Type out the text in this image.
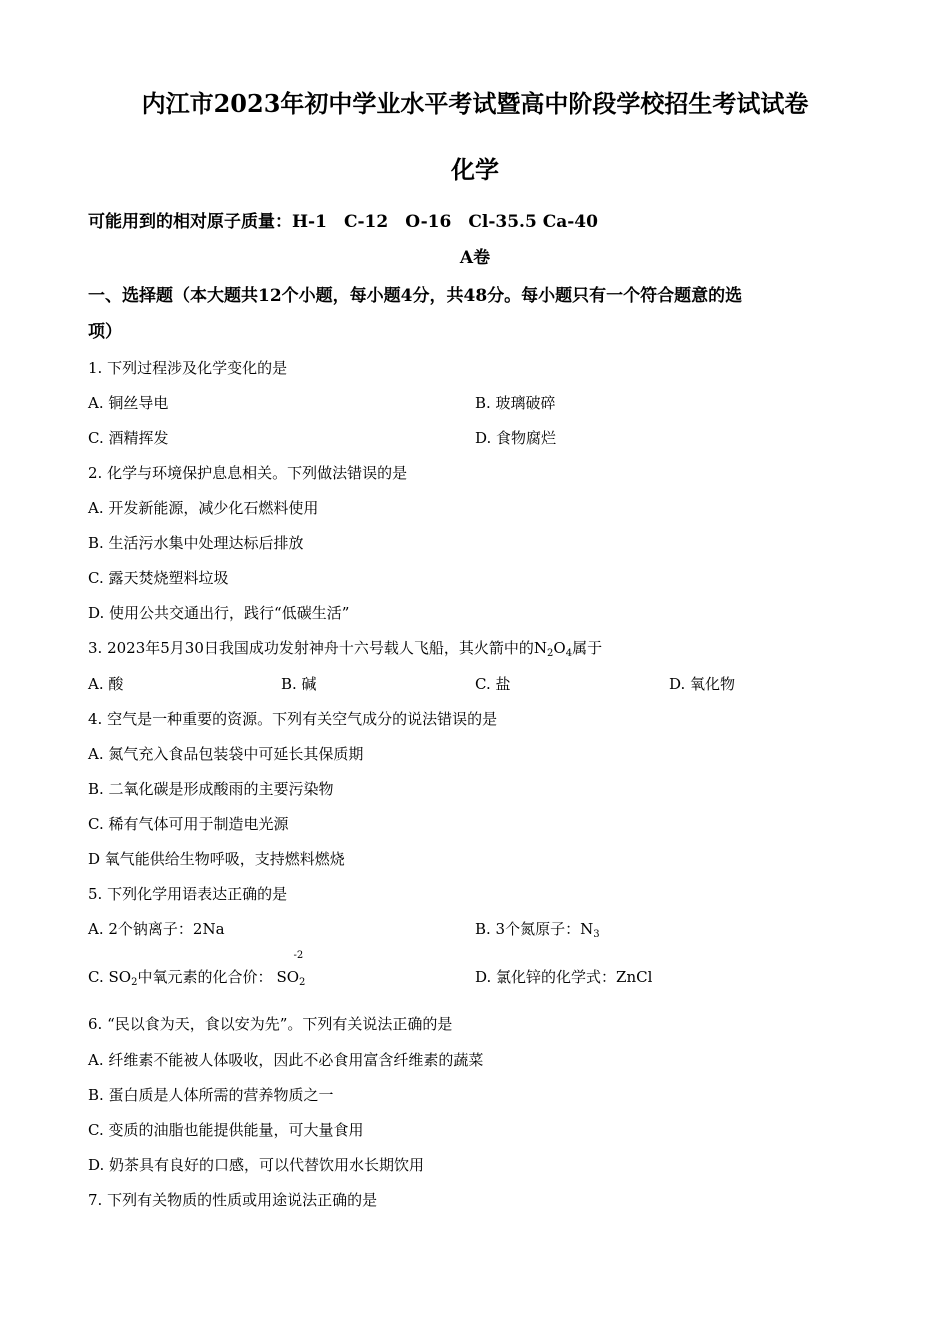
内江市2023年初中学业水平考试暨高中阶段学校招生考试试卷
化学
可能用到的相对原子质量：H-1　C-12　O-16　Cl-35.5 Ca-40
A卷
一、选择题（本大题共12个小题，每小题4分，共48分。每小题只有一个符合题意的选
项）
1. 下列过程涉及化学变化的是
A. 铜丝导电	B. 玻璃破碎
C. 酒精挥发	D. 食物腐烂
2. 化学与环境保护息息相关。下列做法错误的是
A. 开发新能源，减少化石燃料使用
B. 生活污水集中处理达标后排放
C. 露天焚烧塑料垃圾
D. 使用公共交通出行，践行“低碳生活”
3. 2023年5月30日我国成功发射神舟十六号载人飞船，其火箭中的$N_2O_4$属于
A. 酸	B. 碱	C. 盐	D. 氧化物
4. 空气是一种重要的资源。下列有关空气成分的说法错误的是
A. 氮气充入食品包装袋中可延长其保质期
B. 二氧化碳是形成酸雨的主要污染物
C. 稀有气体可用于制造电光源
D 氧气能供给生物呼吸，支持燃料燃烧
5. 下列化学用语表达正确的是
A. 2个钠离子：2Na	B. 3个氮原子：$N_3$
C. $SO_2$中氧元素的化合价：
-2
$SO_2$	D. 氯化锌的化学式：ZnCl
6. “民以食为天，食以安为先”。下列有关说法正确的是
A. 纤维素不能被人体吸收，因此不必食用富含纤维素的蔬菜
B. 蛋白质是人体所需的营养物质之一
C. 变质的油脂也能提供能量，可大量食用
D. 奶茶具有良好的口感，可以代替饮用水长期饮用
7. 下列有关物质的性质或用途说法正确的是
